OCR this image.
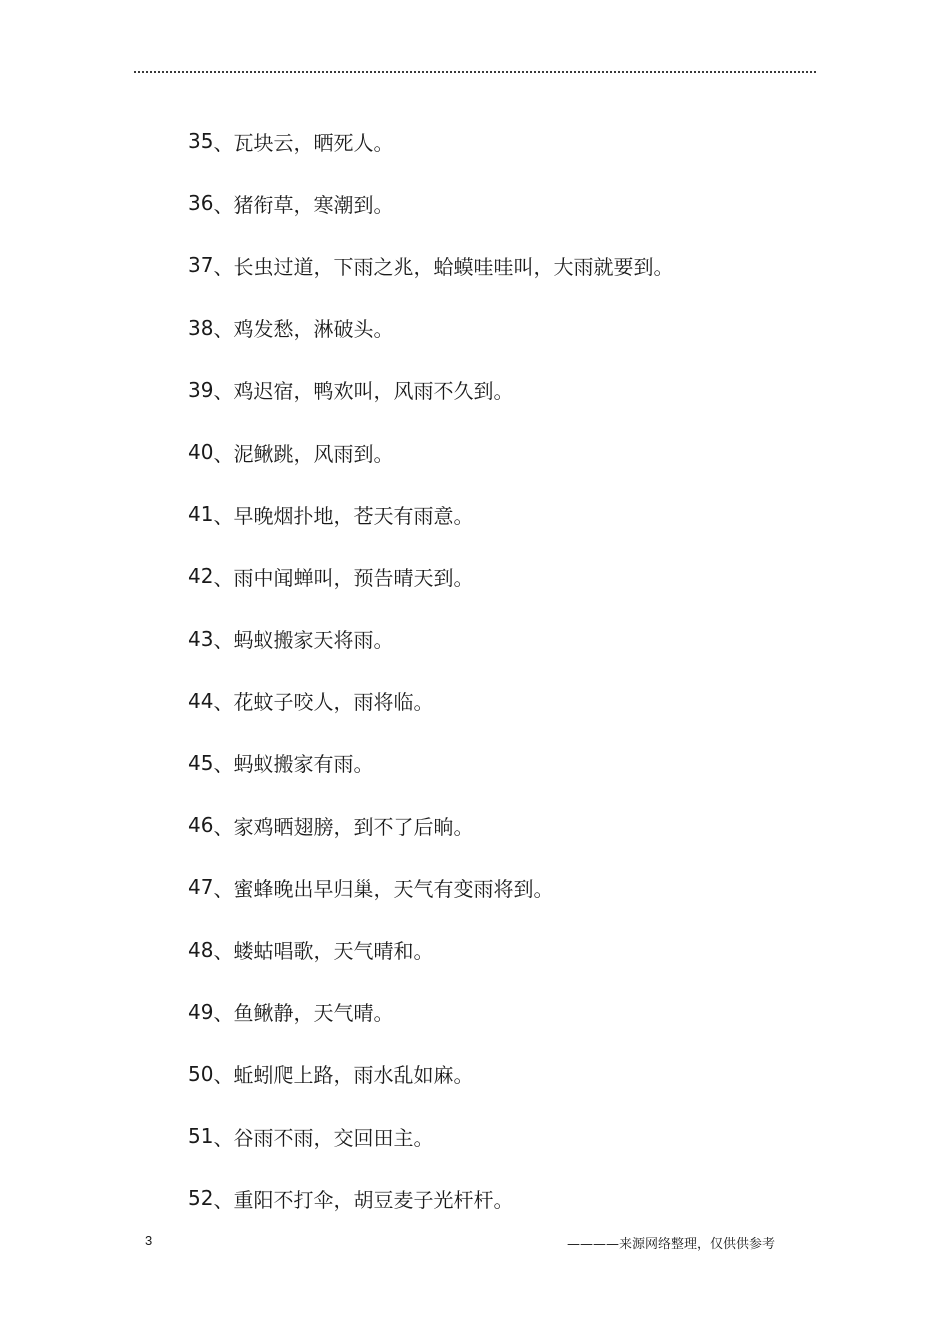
35 、瓦块云，晒死人。
36 、猪衔草，寒潮到。
37 、长虫过道，下雨之兆，蛤蟆哇哇叫，大雨就要到。
38 、鸡发愁，淋破头。
39 、鸡迟宿，鸭欢叫，风雨不久到。
40 、泥鳅跳，风雨到。
41 、早晚烟扑地，苍天有雨意。
42 、雨中闻蝉叫，预告晴天到。
43 、蚂蚁搬家天将雨。
44 、花蚊子咬人，雨将临。
45 、蚂蚁搬家有雨。
46 、家鸡晒翅膀，到不了后晌。
47 、蜜蜂晚出早归巢，天气有变雨将到。
48 、蝼蛄唱歌，天气晴和。
49 、鱼鳅静，天气晴。
50 、蚯蚓爬上路，雨水乱如麻。
51 、谷雨不雨，交回田主。
52 、重阳不打伞，胡豆麦子光杆杆。
3	————来源网络整理，仅供供参考
